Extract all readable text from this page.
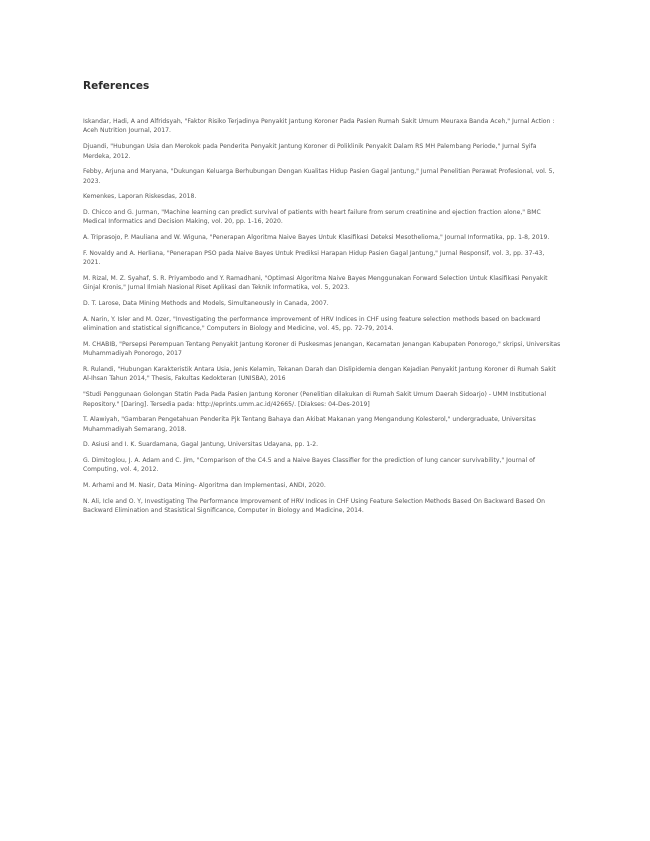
References
Iskandar, Hadi, A and Alfridsyah, "Faktor Risiko Terjadinya Penyakit Jantung Koroner Pada Pasien Rumah Sakit Umum Meuraxa Banda Aceh," Jurnal Action : Aceh Nutrition Journal, 2017.
Djuandi, "Hubungan Usia dan Merokok pada Penderita Penyakit Jantung Koroner di Poliklinik Penyakit Dalam RS MH Palembang Periode," Jurnal Syifa Merdeka, 2012.
Febby, Arjuna and Maryana, "Dukungan Keluarga Berhubungan Dengan Kualitas Hidup Pasien Gagal Jantung," Jurnal Penelitian Perawat Profesional, vol. 5, 2023.
Kemenkes, Laporan Riskesdas, 2018.
D. Chicco and G. Jurman, "Machine learning can predict survival of patients with heart failure from serum creatinine and ejection fraction alone," BMC Medical Informatics and Decision Making, vol. 20, pp. 1-16, 2020.
A. Triprasojo, P. Mauliana and W. Wiguna, "Penerapan Algoritma Naive Bayes Untuk Klasifikasi Deteksi Mesothelioma," Journal Informatika, pp. 1-8, 2019.
F. Novaldy and A. Herliana, "Penerapan PSO pada Naive Bayes Untuk Prediksi Harapan Hidup Pasien Gagal Jantung," Jurnal Responsif, vol. 3, pp. 37-43, 2021.
M. Rizal, M. Z. Syahaf, S. R. Priyambodo and Y. Ramadhani, "Optimasi Algoritma Naive Bayes Menggunakan Forward Selection Untuk Klasifikasi Penyakit Ginjal Kronis," Jurnal Ilmiah Nasional Riset Aplikasi dan Teknik Informatika, vol. 5, 2023.
D. T. Larose, Data Mining Methods and Models, Simultaneously in Canada, 2007.
A. Narin, Y. Isler and M. Ozer, "Investigating the performance improvement of HRV Indices in CHF using feature selection methods based on backward elimination and statistical significance," Computers in Biology and Medicine, vol. 45, pp. 72-79, 2014.
M. CHABIB, "Persepsi Perempuan Tentang Penyakit Jantung Koroner di Puskesmas Jenangan, Kecamatan Jenangan Kabupaten Ponorogo," skripsi, Universitas Muhammadiyah Ponorogo, 2017
R. Rulandi, "Hubungan Karakteristik Antara Usia, Jenis Kelamin, Tekanan Darah dan Dislipidemia dengan Kejadian Penyakit Jantung Koroner di Rumah Sakit Al-Ihsan Tahun 2014," Thesis, Fakultas Kedokteran (UNISBA), 2016
"Studi Penggunaan Golongan Statin Pada Pada Pasien Jantung Koroner (Penelitian dilakukan di Rumah Sakit Umum Daerah Sidoarjo) - UMM Institutional Repository." [Daring]. Tersedia pada: http://eprints.umm.ac.id/42665/. [Diakses: 04-Des-2019]
T. Alawiyah, "Gambaran Pengetahuan Penderita Pjk Tentang Bahaya dan Akibat Makanan yang Mengandung Kolesterol," undergraduate, Universitas Muhammadiyah Semarang, 2018.
D. Asiusi and I. K. Suardamana, Gagal Jantung, Universitas Udayana, pp. 1-2.
G. Dimitoglou, J. A. Adam and C. Jim, "Comparison of the C4.5 and a Naive Bayes Classifier for the prediction of lung cancer survivability," Journal of Computing, vol. 4, 2012.
M. Arhami and M. Nasir, Data Mining- Algoritma dan Implementasi, ANDI, 2020.
N. Ali, Icle and O. Y, Investigating The Performance Improvement of HRV Indices in CHF Using Feature Selection Methods Based On Backward Based On Backward Elimination and Stasistical Significance, Computer in Biology and Madicine, 2014.
